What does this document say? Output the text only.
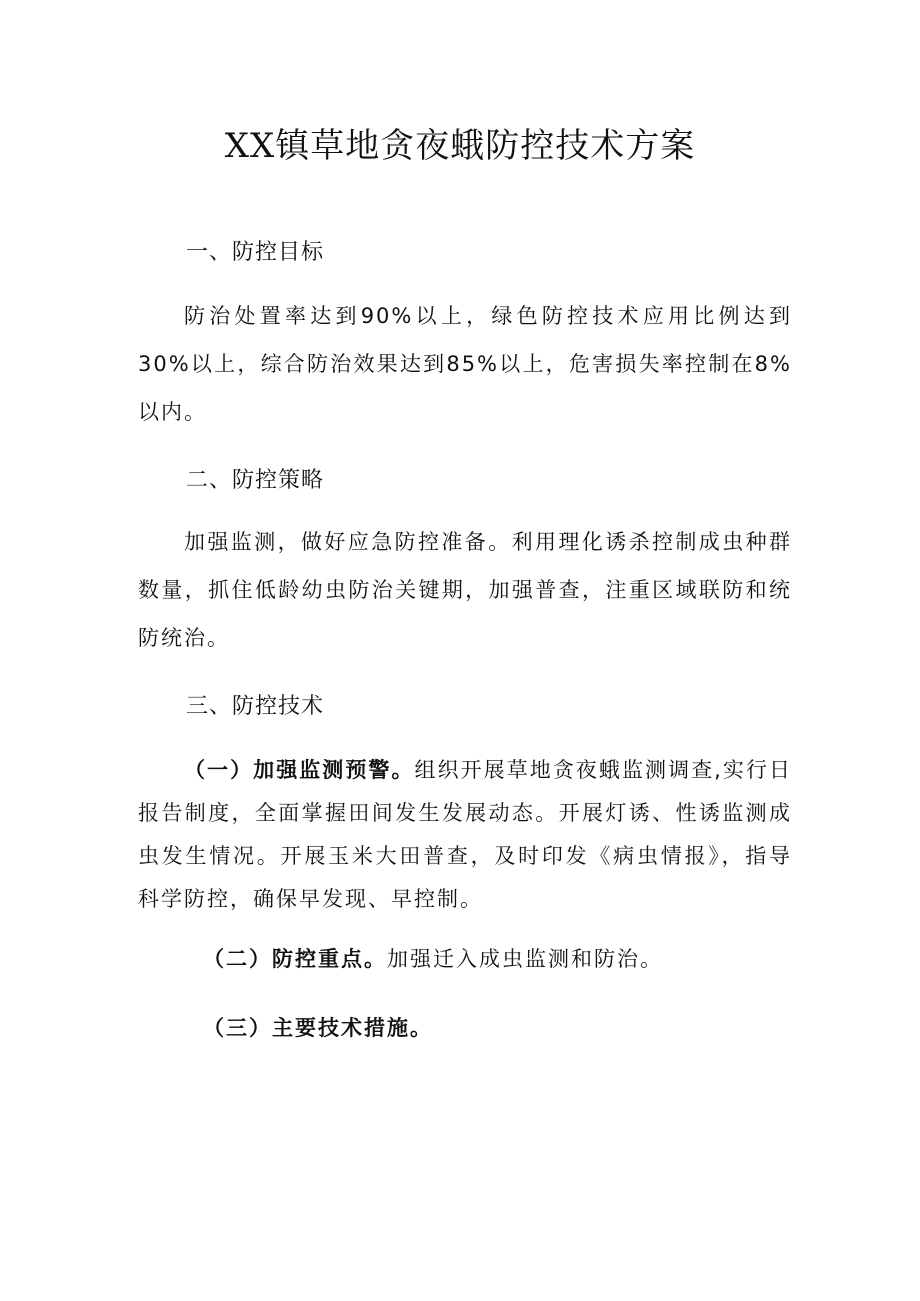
XX镇草地贪夜蛾防控技术方案
一、防控目标

防治处置率达到90%以上，绿色防控技术应用比例达到30%以上，综合防治效果达到85%以上，危害损失率控制在8%以内。

二、防控策略

加强监测，做好应急防控准备。利用理化诱杀控制成虫种群数量，抓住低龄幼虫防治关键期，加强普查，注重区域联防和统防统治。

三、防控技术

（一）加强监测预警。组织开展草地贪夜蛾监测调查,实行日报告制度，全面掌握田间发生发展动态。开展灯诱、性诱监测成虫发生情况。开展玉米大田普查，及时印发《病虫情报》，指导科学防控，确保早发现、早控制。

（二）防控重点。加强迁入成虫监测和防治。

（三）主要技术措施。
